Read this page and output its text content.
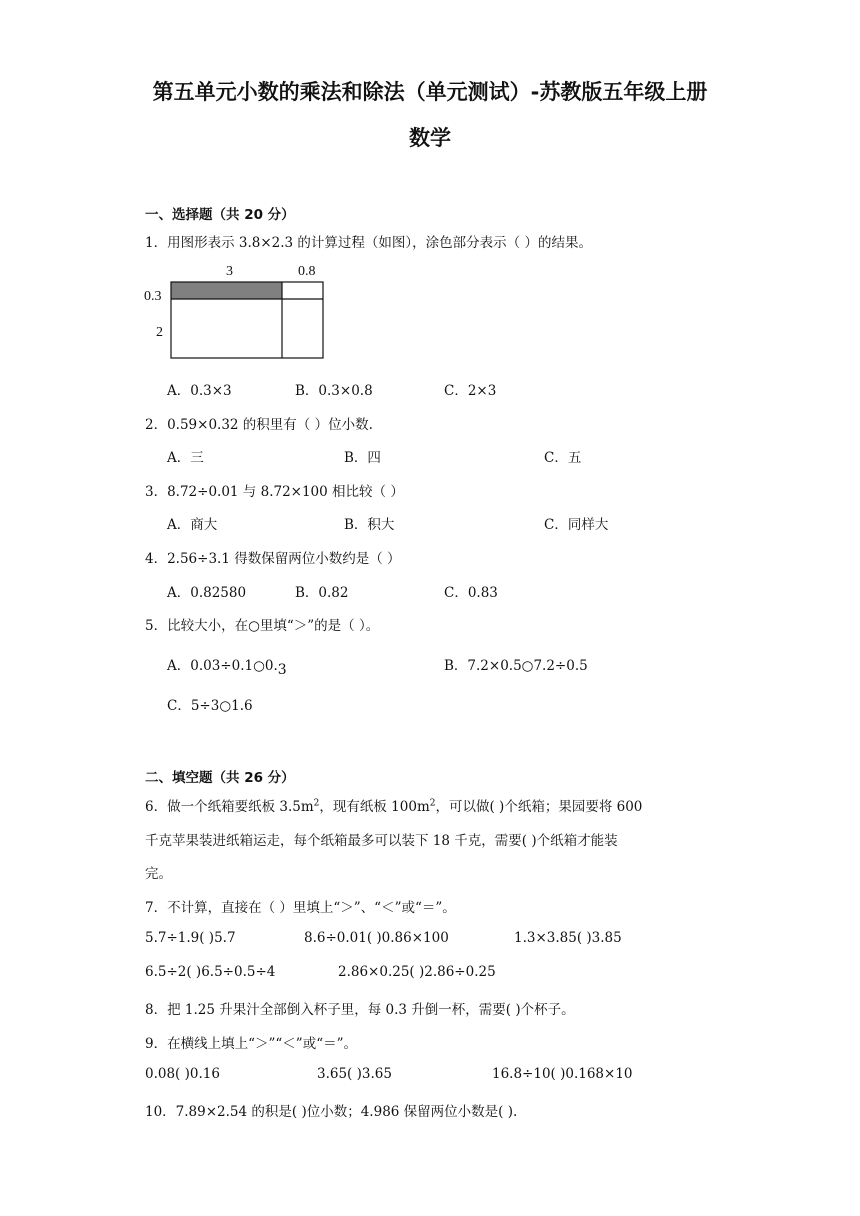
第五单元小数的乘法和除法（单元测试）-苏教版五年级上册
数学
一、选择题（共 20 分）
1．用图形表示 3.8×2.3 的计算过程（如图），涂色部分表示（ ）的结果。
3	0.8
0.3
2
A．0.3×3	B．0.3×0.8	C．2×3
2．0.59×0.32 的积里有（ ）位小数.
A．三	B．四	C．五
3．8.72÷0.01 与 8.72×100 相比较（ ）
A．商大	B．积大	C．同样大
4．2.56÷3.1 得数保留两位小数约是（ ）
A．0.82580	B．0.82	C．0.83
5．比较大小，在○里填“＞”的是（ ）。
A．0.03÷0.1○0.3	B．7.2×0.5○7.2÷0.5
C．5÷3○1.6
二、填空题（共 26 分）
6．做一个纸箱要纸板 $3.5m^2$，现有纸板 $100m^2$，可以做( )个纸箱；果园要将 600
千克苹果装进纸箱运走，每个纸箱最多可以装下 18 千克，需要( )个纸箱才能装
完。
7．不计算，直接在（ ）里填上“＞”、“＜”或“＝”。
5.7÷1.9( )5.7	8.6÷0.01( )0.86×100	1.3×3.85( )3.85
6.5÷2( )6.5÷0.5÷4	2.86×0.25( )2.86÷0.25
8．把 1.25 升果汁全部倒入杯子里，每 0.3 升倒一杯，需要( )个杯子。
9．在横线上填上“＞”“＜”或“＝”。
0.08( )0.16	3.65( )3.65	16.8÷10( )0.168×10
10．7.89×2.54 的积是( )位小数；4.986 保留两位小数是( ).
